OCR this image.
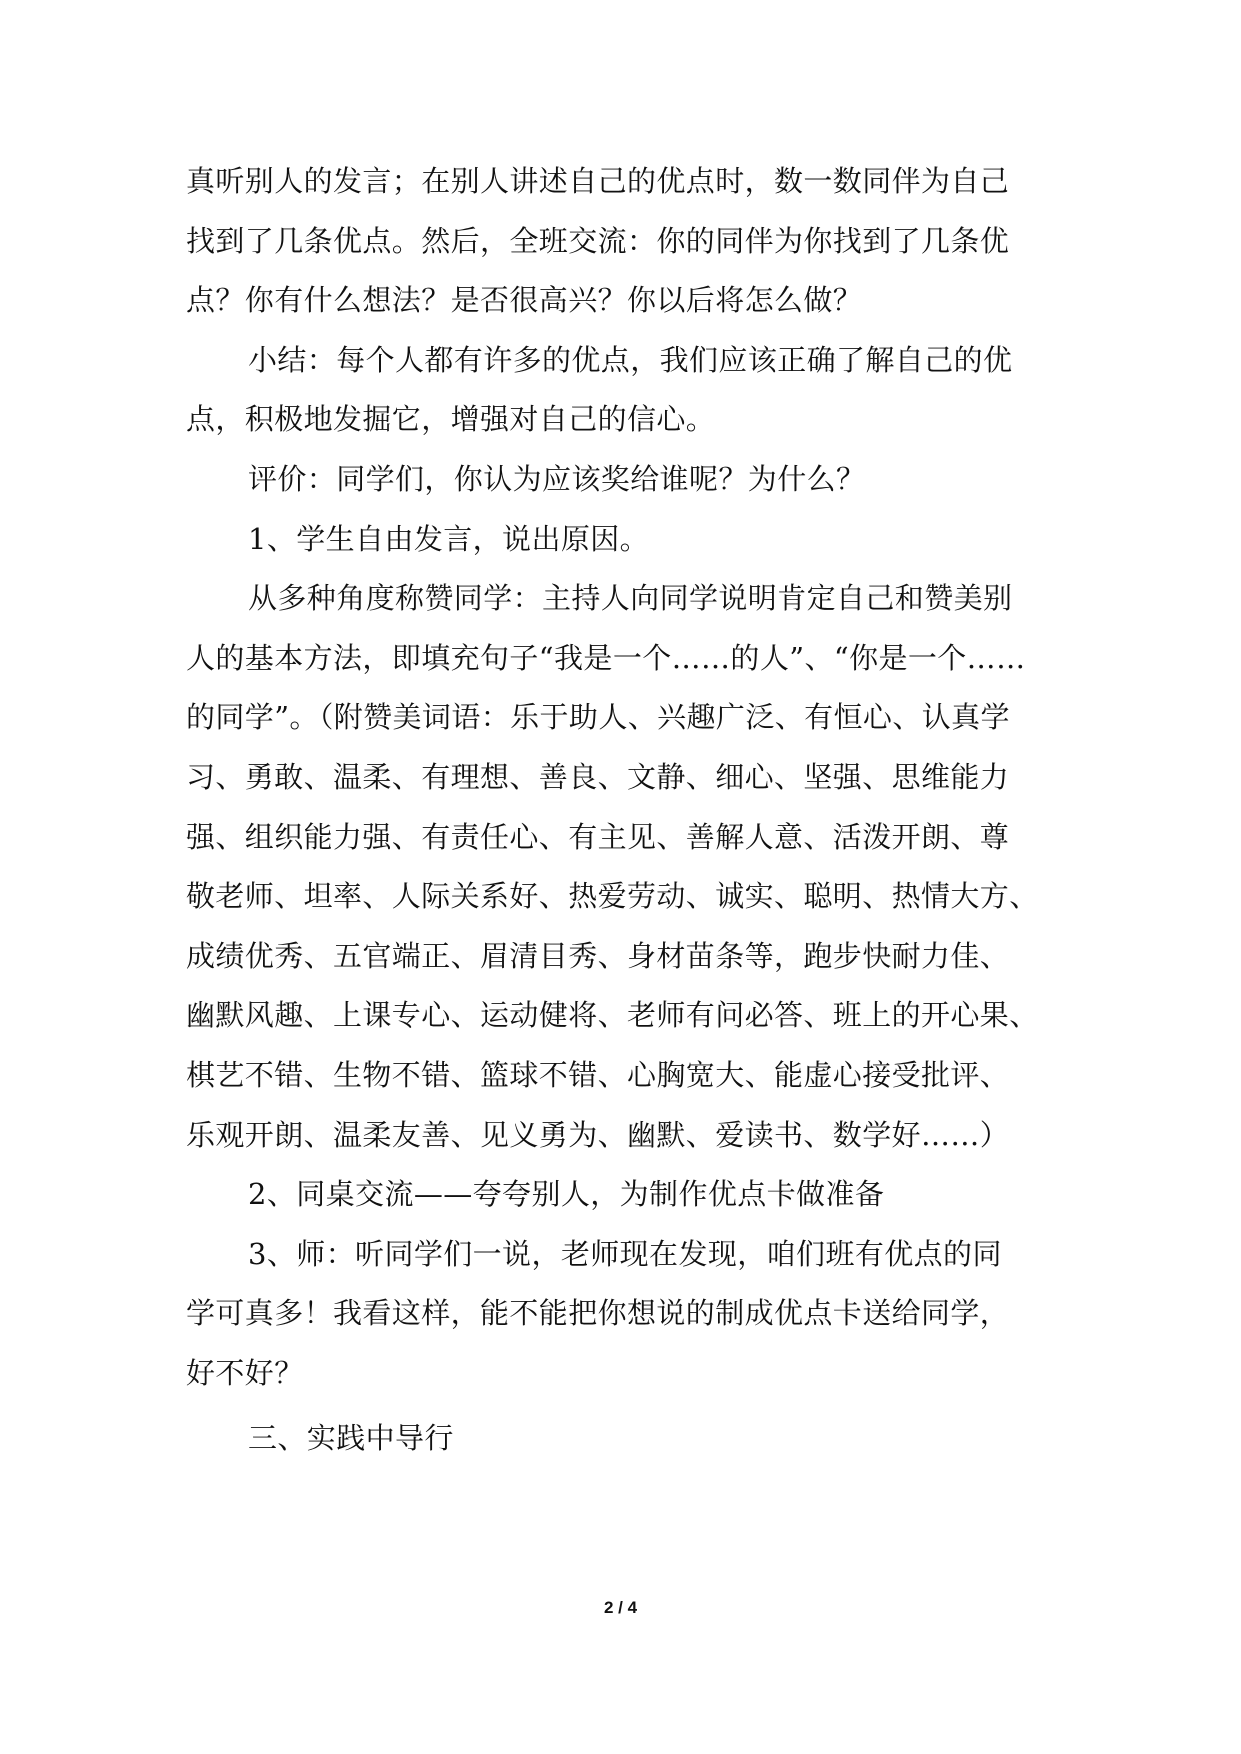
真听别人的发言；在别人讲述自己的优点时，数一数同伴为自己
找到了几条优点。然后，全班交流：你的同伴为你找到了几条优
点？你有什么想法？是否很高兴？你以后将怎么做？
小结：每个人都有许多的优点，我们应该正确了解自己的优
点，积极地发掘它，增强对自己的信心。
评价：同学们，你认为应该奖给谁呢？为什么？
1、学生自由发言，说出原因。
从多种角度称赞同学：主持人向同学说明肯定自己和赞美别
人的基本方法，即填充句子“我是一个……的人”、“你是一个……
的同学”。（附赞美词语：乐于助人、兴趣广泛、有恒心、认真学
习、勇敢、温柔、有理想、善良、文静、细心、坚强、思维能力
强、组织能力强、有责任心、有主见、善解人意、活泼开朗、尊
敬老师、坦率、人际关系好、热爱劳动、诚实、聪明、热情大方、
成绩优秀、五官端正、眉清目秀、身材苗条等，跑步快耐力佳、
幽默风趣、上课专心、运动健将、老师有问必答、班上的开心果、
棋艺不错、生物不错、篮球不错、心胸宽大、能虚心接受批评、
乐观开朗、温柔友善、见义勇为、幽默、爱读书、数学好……）
2、同桌交流——夸夸别人，为制作优点卡做准备
3、师：听同学们一说，老师现在发现，咱们班有优点的同
学可真多！我看这样，能不能把你想说的制成优点卡送给同学，
好不好？
三、实践中导行
2 / 4
